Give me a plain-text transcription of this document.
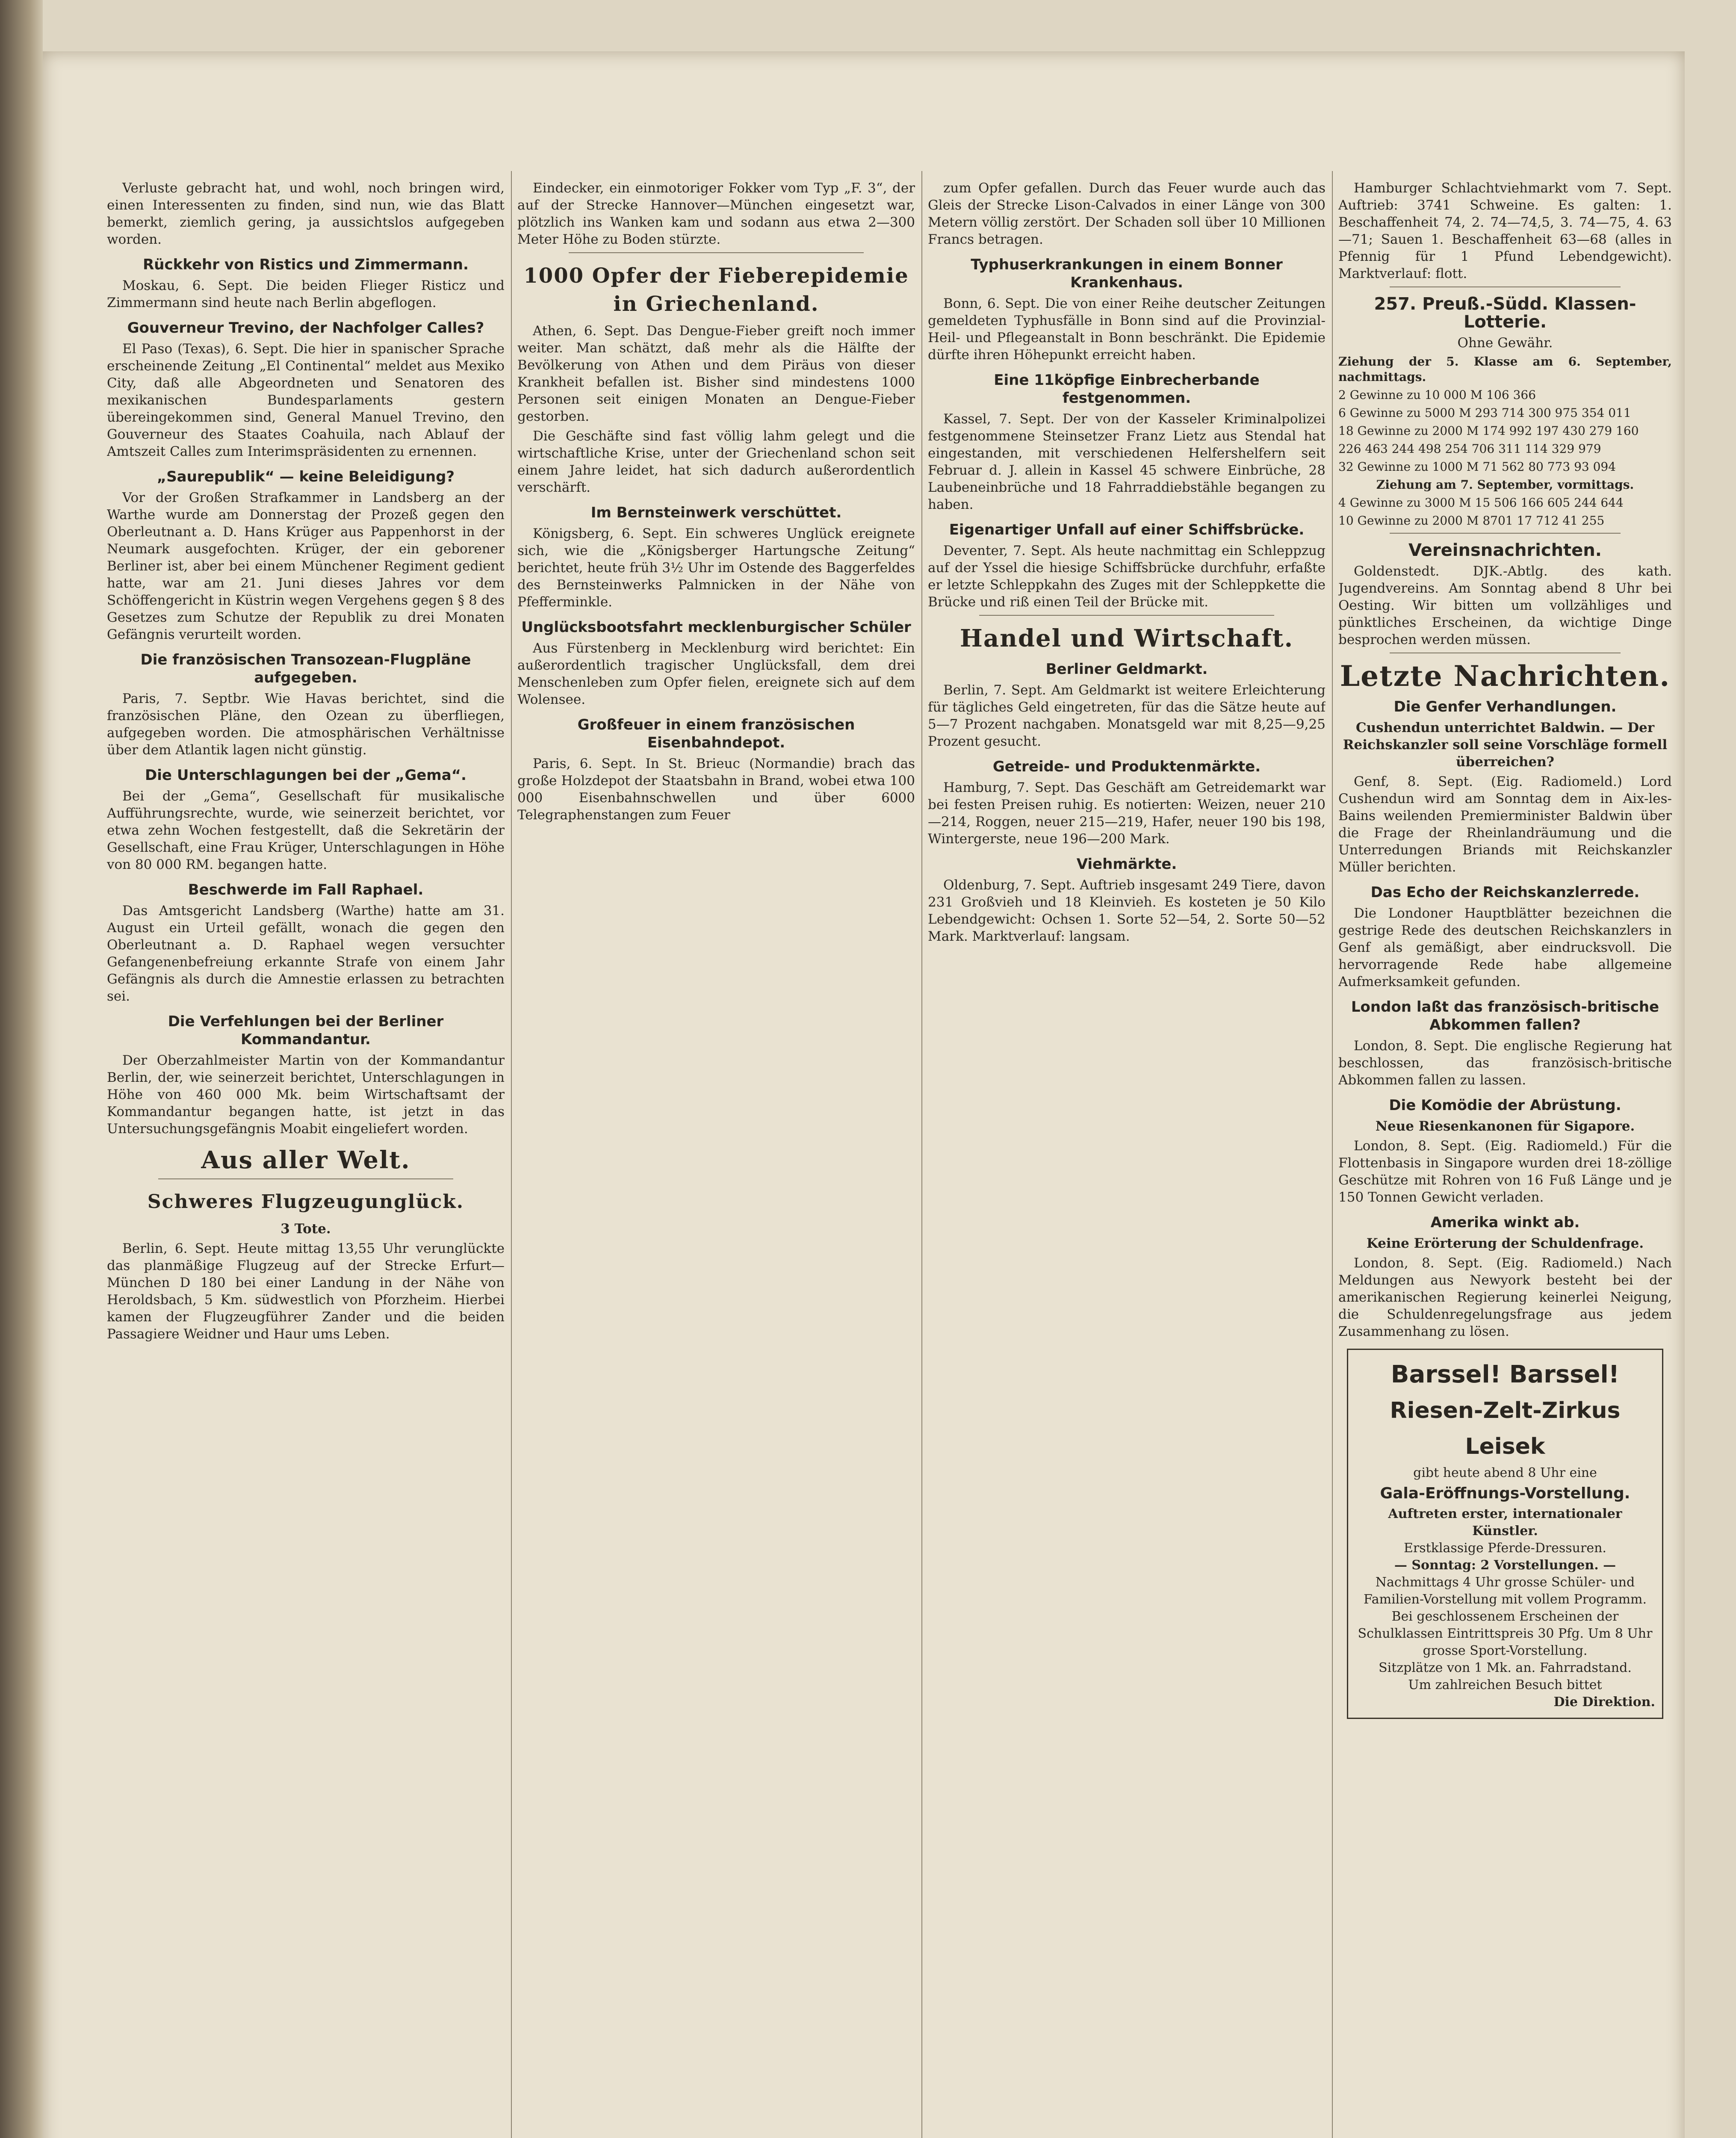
Verluste gebracht hat, und wohl, noch bringen wird, einen Interessenten zu finden, sind nun, wie das Blatt bemerkt, ziemlich gering, ja aussichtslos aufgegeben worden.

Rückkehr von Ristics und Zimmermann.

Moskau, 6. Sept. Die beiden Flieger Risticz und Zimmermann sind heute nach Berlin abgeflogen.

Gouverneur Trevino, der Nachfolger Calles?

El Paso (Texas), 6. Sept. Die hier in spanischer Sprache erscheinende Zeitung „El Continental“ meldet aus Mexiko City, daß alle Abgeordneten und Senatoren des mexikanischen Bundesparlaments gestern übereingekommen sind, General Manuel Trevino, den Gouverneur des Staates Coahuila, nach Ablauf der Amtszeit Calles zum Interimspräsidenten zu ernennen.

„Saurepublik“ — keine Beleidigung?

Vor der Großen Strafkammer in Landsberg an der Warthe wurde am Donnerstag der Prozeß gegen den Oberleutnant a. D. Hans Krüger aus Pappenhorst in der Neumark ausgefochten. Krüger, der ein geborener Berliner ist, aber bei einem Münchener Regiment gedient hatte, war am 21. Juni dieses Jahres vor dem Schöffengericht in Küstrin wegen Vergehens gegen § 8 des Gesetzes zum Schutze der Republik zu drei Monaten Gefängnis verurteilt worden.

Die französischen Transozean-Flugpläne aufgegeben.

Paris, 7. Septbr. Wie Havas berichtet, sind die französischen Pläne, den Ozean zu überfliegen, aufgegeben worden. Die atmosphärischen Verhältnisse über dem Atlantik lagen nicht günstig.

Die Unterschlagungen bei der „Gema“.

Bei der „Gema“, Gesellschaft für musikalische Aufführungsrechte, wurde, wie seinerzeit berichtet, vor etwa zehn Wochen festgestellt, daß die Sekretärin der Gesellschaft, eine Frau Krüger, Unterschlagungen in Höhe von 80 000 RM. begangen hatte.

Beschwerde im Fall Raphael.

Das Amtsgericht Landsberg (Warthe) hatte am 31. August ein Urteil gefällt, wonach die gegen den Oberleutnant a. D. Raphael wegen versuchter Gefangenenbefreiung erkannte Strafe von einem Jahr Gefängnis als durch die Amnestie erlassen zu betrachten sei.

Die Verfehlungen bei der Berliner Kommandantur.

Der Oberzahlmeister Martin von der Kommandantur Berlin, der, wie seinerzeit berichtet, Unterschlagungen in Höhe von 460 000 Mk. beim Wirtschaftsamt der Kommandantur begangen hatte, ist jetzt in das Untersuchungsgefängnis Moabit eingeliefert worden.

Aus aller Welt.
Schweres Flugzeugunglück.
3 Tote.

Berlin, 6. Sept. Heute mittag 13,55 Uhr verunglückte das planmäßige Flugzeug auf der Strecke Erfurt—München D 180 bei einer Landung in der Nähe von Heroldsbach, 5 Km. südwestlich von Pforzheim. Hierbei kamen der Flugzeugführer Zander und die beiden Passagiere Weidner und Haur ums Leben.

Eindecker, ein einmotoriger Fokker vom Typ „F. 3“, der auf der Strecke Hannover—München eingesetzt war, plötzlich ins Wanken kam und sodann aus etwa 2—300 Meter Höhe zu Boden stürzte.

1000 Opfer der Fieberepidemie in Griechenland.

Athen, 6. Sept. Das Dengue-Fieber greift noch immer weiter. Man schätzt, daß mehr als die Hälfte der Bevölkerung von Athen und dem Piräus von dieser Krankheit befallen ist. Bisher sind mindestens 1000 Personen seit einigen Monaten an Dengue-Fieber gestorben.

Die Geschäfte sind fast völlig lahm gelegt und die wirtschaftliche Krise, unter der Griechenland schon seit einem Jahre leidet, hat sich dadurch außerordentlich verschärft.

Im Bernsteinwerk verschüttet.

Königsberg, 6. Sept. Ein schweres Unglück ereignete sich, wie die „Königsberger Hartungsche Zeitung“ berichtet, heute früh 3½ Uhr im Ostende des Baggerfeldes des Bernsteinwerks Palmnicken in der Nähe von Pfefferminkle.

Unglücksbootsfahrt mecklenburgischer Schüler

Aus Fürstenberg in Mecklenburg wird berichtet: Ein außerordentlich tragischer Unglücksfall, dem drei Menschenleben zum Opfer fielen, ereignete sich auf dem Wolensee.

Großfeuer in einem französischen Eisenbahndepot.

Paris, 6. Sept. In St. Brieuc (Normandie) brach das große Holzdepot der Staatsbahn in Brand, wobei etwa 100 000 Eisenbahnschwellen und über 6000 Telegraphenstangen zum Feuer

zum Opfer gefallen. Durch das Feuer wurde auch das Gleis der Strecke Lison-Calvados in einer Länge von 300 Metern völlig zerstört. Der Schaden soll über 10 Millionen Francs betragen.

Typhuserkrankungen in einem Bonner Krankenhaus.

Bonn, 6. Sept. Die von einer Reihe deutscher Zeitungen gemeldeten Typhusfälle in Bonn sind auf die Provinzial-Heil- und Pflegeanstalt in Bonn beschränkt. Die Epidemie dürfte ihren Höhepunkt erreicht haben.

Eine 11köpfige Einbrecherbande festgenommen.

Kassel, 7. Sept. Der von der Kasseler Kriminalpolizei festgenommene Steinsetzer Franz Lietz aus Stendal hat eingestanden, mit verschiedenen Helfershelfern seit Februar d. J. allein in Kassel 45 schwere Einbrüche, 28 Laubeneinbrüche und 18 Fahrraddiebstähle begangen zu haben.

Eigenartiger Unfall auf einer Schiffsbrücke.

Deventer, 7. Sept. Als heute nachmittag ein Schleppzug auf der Yssel die hiesige Schiffsbrücke durchfuhr, erfaßte er letzte Schleppkahn des Zuges mit der Schleppkette die Brücke und riß einen Teil der Brücke mit.

Handel und Wirtschaft.
Berliner Geldmarkt.

Berlin, 7. Sept. Am Geldmarkt ist weitere Erleichterung für tägliches Geld eingetreten, für das die Sätze heute auf 5—7 Prozent nachgaben. Monatsgeld war mit 8,25—9,25 Prozent gesucht.

Getreide- und Produktenmärkte.

Hamburg, 7. Sept. Das Geschäft am Getreidemarkt war bei festen Preisen ruhig. Es notierten: Weizen, neuer 210—214, Roggen, neuer 215—219, Hafer, neuer 190 bis 198, Wintergerste, neue 196—200 Mark.

Viehmärkte.

Oldenburg, 7. Sept. Auftrieb insgesamt 249 Tiere, davon 231 Großvieh und 18 Kleinvieh. Es kosteten je 50 Kilo Lebendgewicht: Ochsen 1. Sorte 52—54, 2. Sorte 50—52 Mark. Marktverlauf: langsam.

Hamburger Schlachtviehmarkt vom 7. Sept. Auftrieb: 3741 Schweine. Es galten: 1. Beschaffenheit 74, 2. 74—74,5, 3. 74—75, 4. 63—71; Sauen 1. Beschaffenheit 63—68 (alles in Pfennig für 1 Pfund Lebendgewicht). Marktverlauf: flott.

257. Preuß.-Südd. Klassen-Lotterie.
Ohne Gewähr.

Ziehung der 5. Klasse am 6. September, nachmittags.

2 Gewinne zu 10 000 M 106 366

6 Gewinne zu 5000 M 293 714 300 975 354 011

18 Gewinne zu 2000 M 174 992 197 430 279 160

226 463 244 498 254 706 311 114 329 979

32 Gewinne zu 1000 M 71 562 80 773 93 094

Ziehung am 7. September, vormittags.

4 Gewinne zu 3000 M 15 506 166 605 244 644

10 Gewinne zu 2000 M 8701 17 712 41 255

Vereinsnachrichten.

Goldenstedt. DJK.-Abtlg. des kath. Jugendvereins. Am Sonntag abend 8 Uhr bei Oesting. Wir bitten um vollzähliges und pünktliches Erscheinen, da wichtige Dinge besprochen werden müssen.

Letzte Nachrichten.
Die Genfer Verhandlungen.
Cushendun unterrichtet Baldwin. — Der Reichskanzler soll seine Vorschläge formell überreichen?

Genf, 8. Sept. (Eig. Radiomeld.) Lord Cushendun wird am Sonntag dem in Aix-les-Bains weilenden Premierminister Baldwin über die Frage der Rheinlandräumung und die Unterredungen Briands mit Reichskanzler Müller berichten.

Das Echo der Reichskanzlerrede.

Die Londoner Hauptblätter bezeichnen die gestrige Rede des deutschen Reichskanzlers in Genf als gemäßigt, aber eindrucksvoll. Die hervorragende Rede habe allgemeine Aufmerksamkeit gefunden.

London laßt das französisch-britische Abkommen fallen?

London, 8. Sept. Die englische Regierung hat beschlossen, das französisch-britische Abkommen fallen zu lassen.

Die Komödie der Abrüstung.
Neue Riesenkanonen für Sigapore.

London, 8. Sept. (Eig. Radiomeld.) Für die Flottenbasis in Singapore wurden drei 18-zöllige Geschütze mit Rohren von 16 Fuß Länge und je 150 Tonnen Gewicht verladen.

Amerika winkt ab.
Keine Erörterung der Schuldenfrage.

London, 8. Sept. (Eig. Radiomeld.) Nach Meldungen aus Newyork besteht bei der amerikanischen Regierung keinerlei Neigung, die Schuldenregelungsfrage aus jedem Zusammenhang zu lösen.

Barssel! Barssel!
Riesen-Zelt-Zirkus Leisek
gibt heute abend 8 Uhr eine
Gala-Eröffnungs-Vorstellung.
Auftreten erster, internationaler Künstler.
Erstklassige Pferde-Dressuren.
— Sonntag: 2 Vorstellungen. —
Nachmittags 4 Uhr grosse Schüler- und Familien-Vorstellung mit vollem Programm. Bei geschlossenem Erscheinen der Schulklassen Eintrittspreis 30 Pfg. Um 8 Uhr grosse Sport-Vorstellung.
Sitzplätze von 1 Mk. an. Fahrradstand.
Um zahlreichen Besuch bittet
Die Direktion.
